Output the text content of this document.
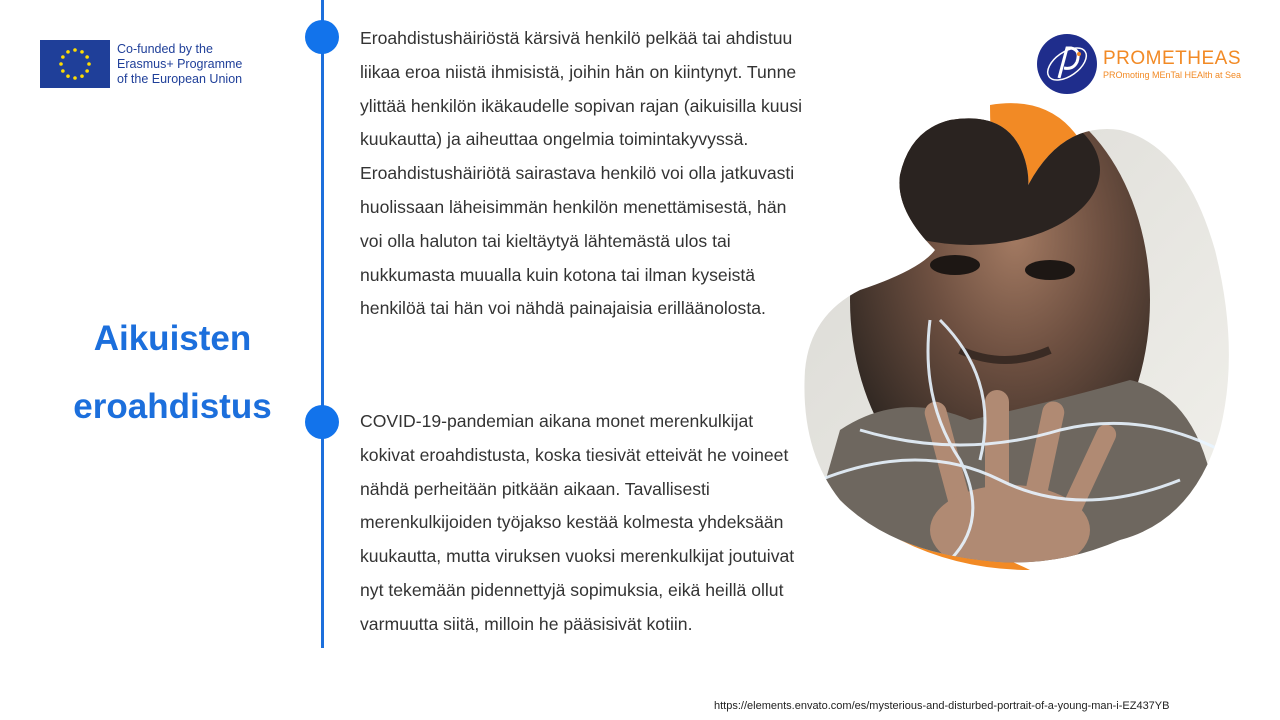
Co-funded by the
Erasmus+ Programme
of the European Union
PROMETHEAS
PROmoting MEnTal HEAlth at Sea
Aikuisten
eroahdistus
Eroahdistushäiriöstä kärsivä henkilö pelkää tai ahdistuu liikaa eroa niistä ihmisistä, joihin hän on kiintynyt. Tunne ylittää henkilön ikäkaudelle sopivan rajan (aikuisilla kuusi kuukautta) ja aiheuttaa ongelmia toimintakyvyssä. Eroahdistushäiriötä sairastava henkilö voi olla jatkuvasti huolissaan läheisimmän henkilön menettämisestä, hän voi olla haluton tai kieltäytyä lähtemästä ulos tai nukkumasta muualla kuin kotona tai ilman kyseistä henkilöä tai hän voi nähdä painajaisia erilläänolosta.
COVID-19-pandemian aikana monet merenkulkijat kokivat eroahdistusta, koska tiesivät etteivät he voineet nähdä perheitään pitkään aikaan. Tavallisesti merenkulkijoiden työjakso kestää kolmesta yhdeksään kuukautta, mutta viruksen vuoksi merenkulkijat joutuivat nyt tekemään pidennettyjä sopimuksia, eikä heillä ollut varmuutta siitä, milloin he pääsisivät kotiin.
https://elements.envato.com/es/mysterious-and-disturbed-portrait-of-a-young-man-i-EZ437YB
